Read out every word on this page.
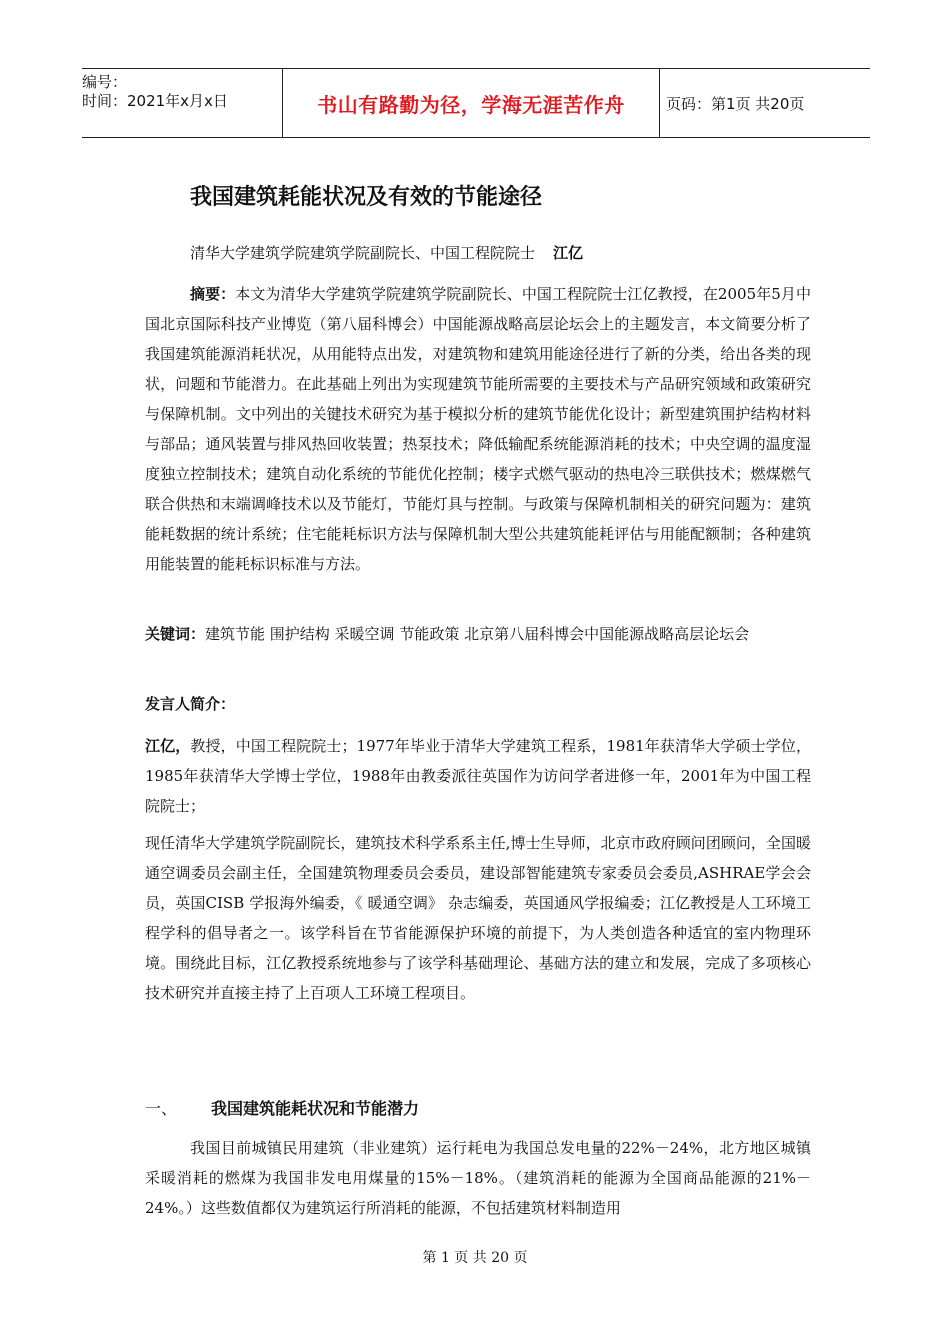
编号：
时间：2021年x月x日	书山有路勤为径，学海无涯苦作舟	页码：第1页 共20页
我国建筑耗能状况及有效的节能途径
清华大学建筑学院建筑学院副院长、中国工程院院士 江亿
摘要：本文为清华大学建筑学院建筑学院副院长、中国工程院院士江亿教授，在2005年5月中国北京国际科技产业博览（第八届科博会）中国能源战略高层论坛会上的主题发言，本文简要分析了我国建筑能源消耗状况，从用能特点出发，对建筑物和建筑用能途径进行了新的分类，给出各类的现状，问题和节能潜力。在此基础上列出为实现建筑节能所需要的主要技术与产品研究领域和政策研究与保障机制。文中列出的关键技术研究为基于模拟分析的建筑节能优化设计；新型建筑围护结构材料与部品；通风装置与排风热回收装置；热泵技术；降低输配系统能源消耗的技术；中央空调的温度湿度独立控制技术；建筑自动化系统的节能优化控制；楼字式燃气驱动的热电冷三联供技术；燃煤燃气联合供热和末端调峰技术以及节能灯，节能灯具与控制。与政策与保障机制相关的研究问题为：建筑能耗数据的统计系统；住宅能耗标识方法与保障机制大型公共建筑能耗评估与用能配额制；各种建筑用能装置的能耗标识标准与方法。
关键词：建筑节能 围护结构 采暖空调 节能政策 北京第八届科博会中国能源战略高层论坛会
发言人简介：
江亿，教授，中国工程院院士；1977年毕业于清华大学建筑工程系，1981年获清华大学硕士学位，1985年获清华大学博士学位，1988年由教委派往英国作为访问学者进修一年，2001年为中国工程院院士；
现任清华大学建筑学院副院长，建筑技术科学系系主任,博士生导师，北京市政府顾问团顾问，全国暖通空调委员会副主任，全国建筑物理委员会委员，建设部智能建筑专家委员会委员,ASHRAE学会会员，英国CISB 学报海外编委，《 暖通空调》 杂志编委，英国通风学报编委；江亿教授是人工环境工程学科的倡导者之一。该学科旨在节省能源保护环境的前提下，为人类创造各种适宜的室内物理环境。围绕此目标，江亿教授系统地参与了该学科基础理论、基础方法的建立和发展，完成了多项核心技术研究并直接主持了上百项人工环境工程项目。
一、 我国建筑能耗状况和节能潜力
我国目前城镇民用建筑（非业建筑）运行耗电为我国总发电量的22%－24%，北方地区城镇采暖消耗的燃煤为我国非发电用煤量的15%－18%。（建筑消耗的能源为全国商品能源的21%－24%。）这些数值都仅为建筑运行所消耗的能源，不包括建筑材料制造用
第 1 页 共 20 页
